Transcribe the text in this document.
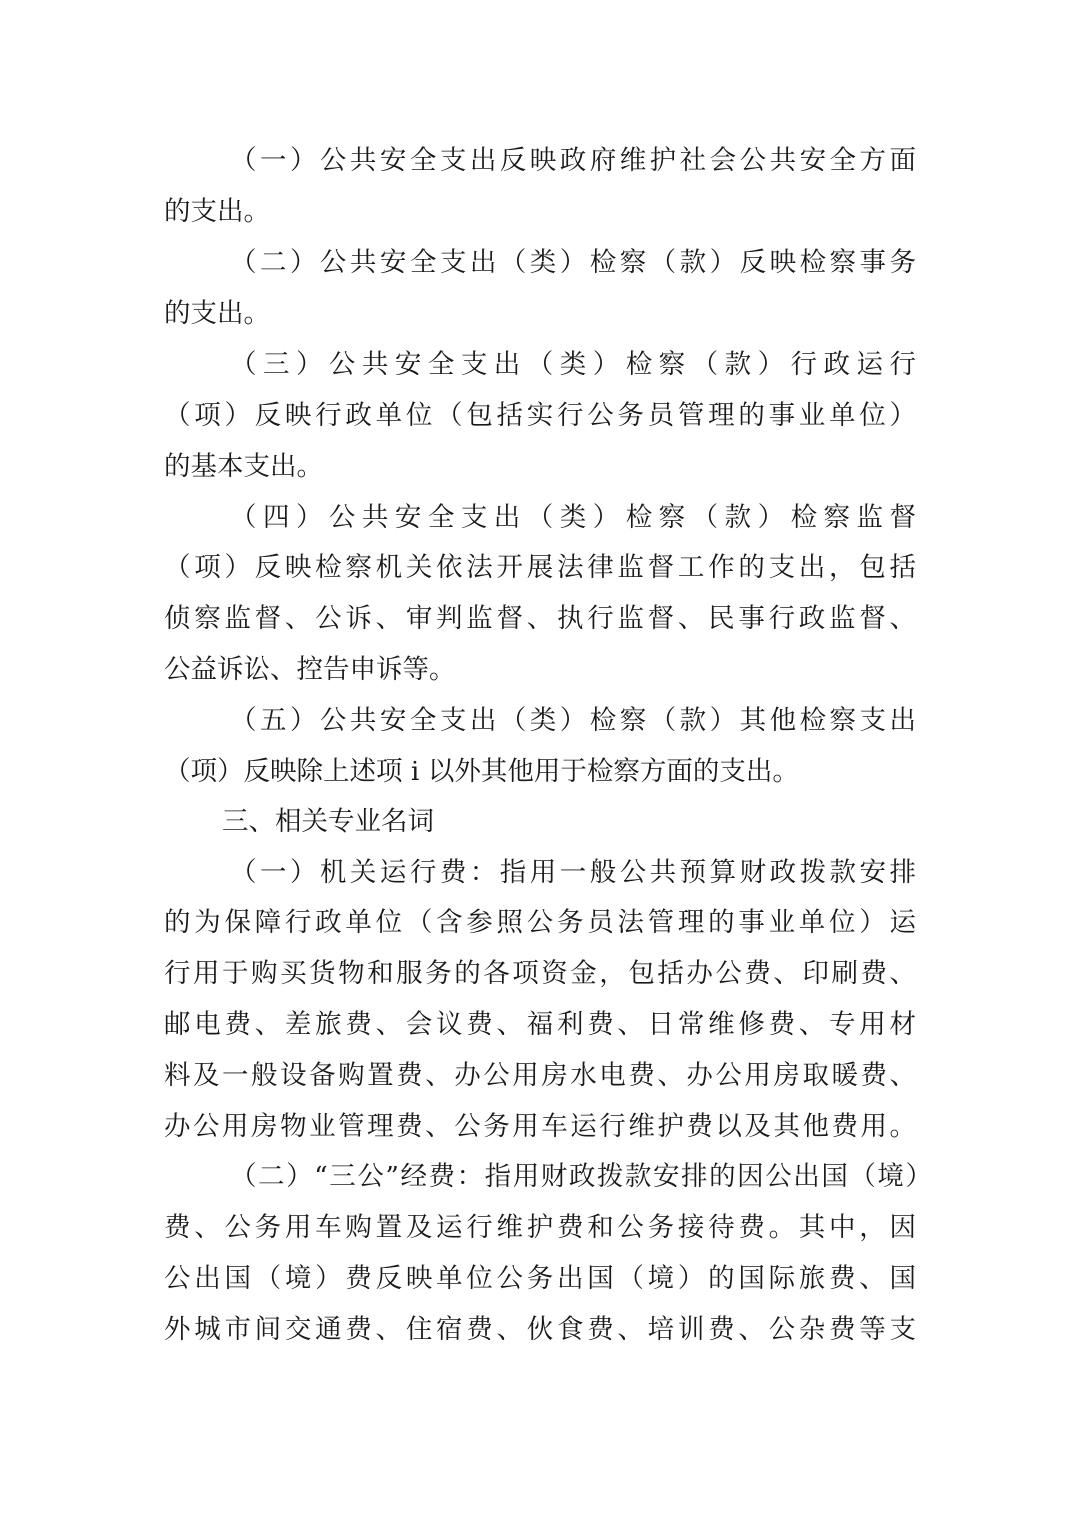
（一）公共安全支出反映政府维护社会公共安全方面
的支出。
（二）公共安全支出（类）检察（款）反映检察事务
的支出。
（三）公共安全支出（类）检察（款）行政运行
（项）反映行政单位（包括实行公务员管理的事业单位）
的基本支出。
（四）公共安全支出（类）检察（款）检察监督
（项）反映检察机关依法开展法律监督工作的支出，包括
侦察监督、公诉、审判监督、执行监督、民事行政监督、
公益诉讼、控告申诉等。
（五）公共安全支出（类）检察（款）其他检察支出
（项）反映除上述项 i 以外其他用于检察方面的支出。
三、相关专业名词
（一）机关运行费：指用一般公共预算财政拨款安排
的为保障行政单位（含参照公务员法管理的事业单位）运
行用于购买货物和服务的各项资金，包括办公费、印刷费、
邮电费、差旅费、会议费、福利费、日常维修费、专用材
料及一般设备购置费、办公用房水电费、办公用房取暖费、
办公用房物业管理费、公务用车运行维护费以及其他费用。
（二）“三公”经费：指用财政拨款安排的因公出国（境）
费、公务用车购置及运行维护费和公务接待费。其中，因
公出国（境）费反映单位公务出国（境）的国际旅费、国
外城市间交通费、住宿费、伙食费、培训费、公杂费等支
